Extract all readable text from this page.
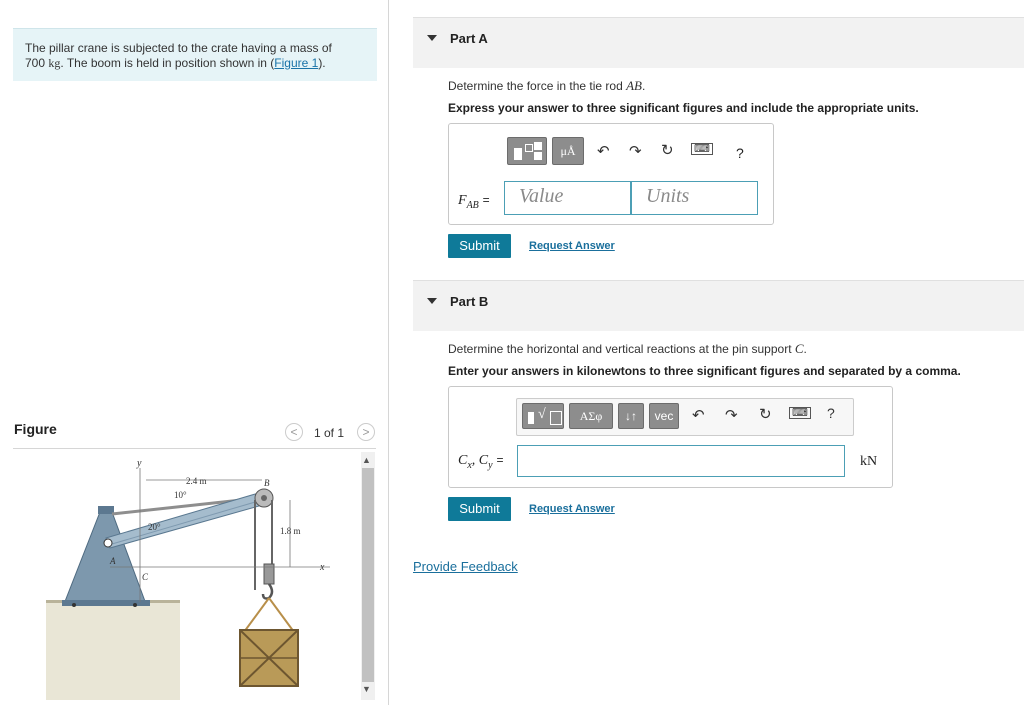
The pillar crane is subjected to the crate having a mass of
700 kg. The boom is held in position shown in (Figure 1).
Figure	<	1 of 1	>
y
2.4 m
10°
20°
B
1.8 m
x
A
C
▲
▼
Part A
Determine the force in the tie rod AB.
Express your answer to three significant figures and include the appropriate units.
μÅ	↶ ↷ ↻ ⌨ ?
$F_{AB}$ = Value	Units
Submit	Request Answer
Part B
Determine the horizontal and vertical reactions at the pin support C.
Enter your answers in kilonewtons to three significant figures and separated by a comma.
√	ΑΣφ	↓↑	vec	↶ ↷ ↻ ⌨ ?
$C_x$, $C_y$ =	kN
Submit	Request Answer
Provide Feedback
